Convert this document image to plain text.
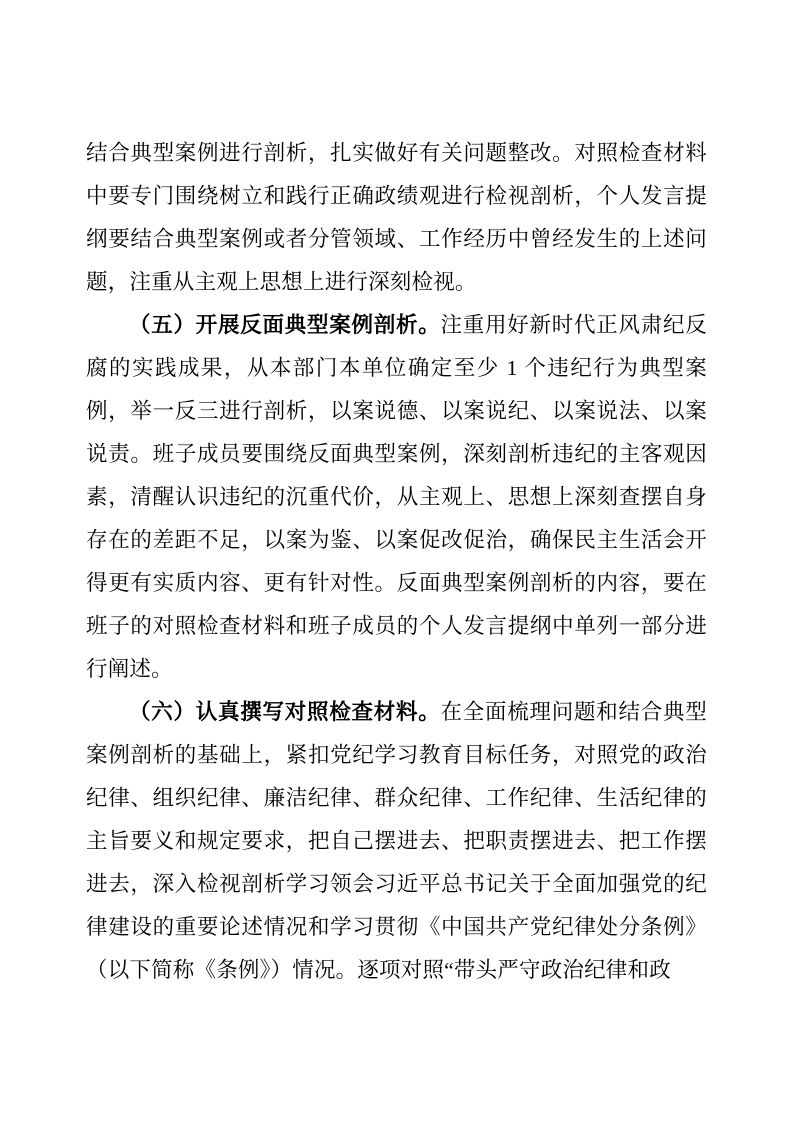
结合典型案例进行剖析，扎实做好有关问题整改。对照检查材料中要专门围绕树立和践行正确政绩观进行检视剖析，个人发言提纲要结合典型案例或者分管领域、工作经历中曾经发生的上述问题，注重从主观上思想上进行深刻检视。

（五）开展反面典型案例剖析。注重用好新时代正风肃纪反腐的实践成果，从本部门本单位确定至少 1 个违纪行为典型案例，举一反三进行剖析，以案说德、以案说纪、以案说法、以案说责。班子成员要围绕反面典型案例，深刻剖析违纪的主客观因素，清醒认识违纪的沉重代价，从主观上、思想上深刻查摆自身存在的差距不足，以案为鉴、以案促改促治，确保民主生活会开得更有实质内容、更有针对性。反面典型案例剖析的内容，要在班子的对照检查材料和班子成员的个人发言提纲中单列一部分进行阐述。

（六）认真撰写对照检查材料。在全面梳理问题和结合典型案例剖析的基础上，紧扣党纪学习教育目标任务，对照党的政治纪律、组织纪律、廉洁纪律、群众纪律、工作纪律、生活纪律的主旨要义和规定要求，把自己摆进去、把职责摆进去、把工作摆进去，深入检视剖析学习领会习近平总书记关于全面加强党的纪律建设的重要论述情况和学习贯彻《中国共产党纪律处分条例》（以下简称《条例》）情况。逐项对照“带头严守政治纪律和政
